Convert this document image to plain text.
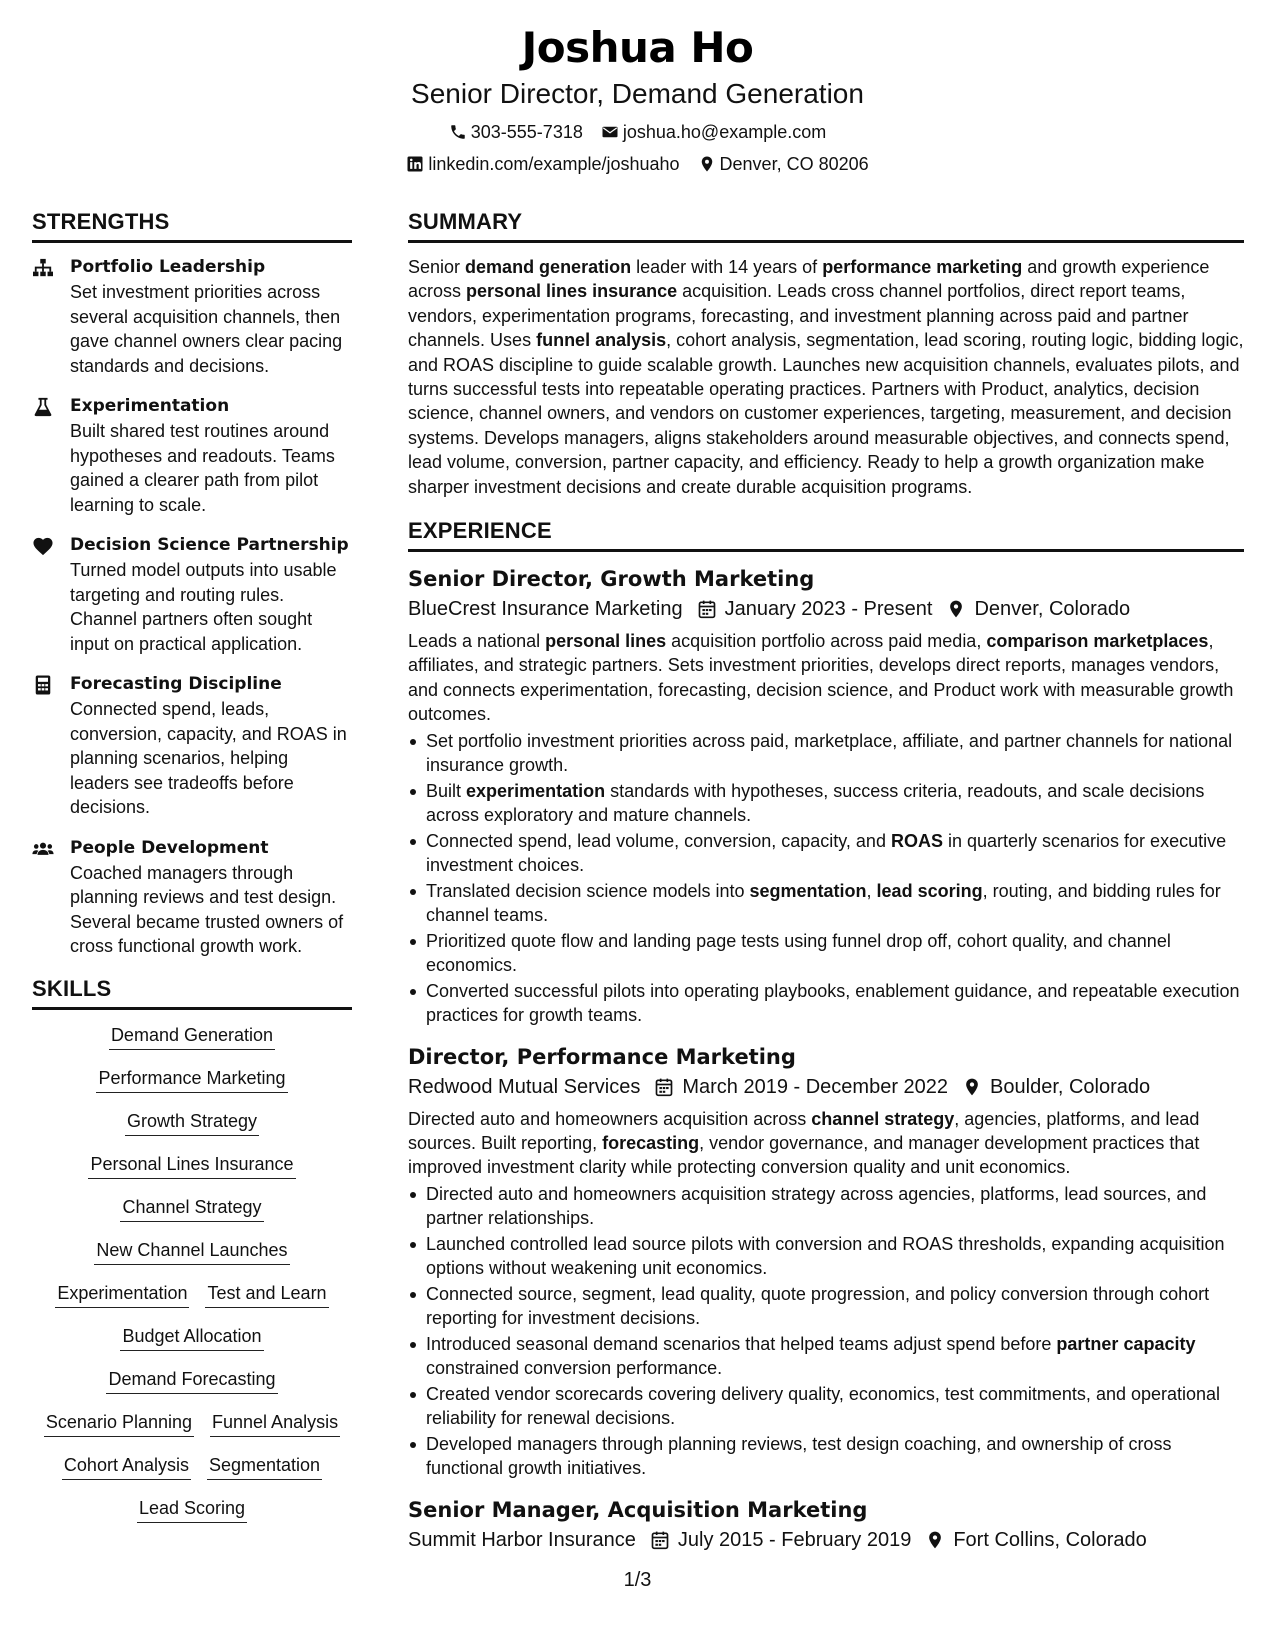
Joshua Ho
Senior Director, Demand Generation
303-555-7318 joshua.ho@example.com
linkedin.com/example/joshuaho Denver, CO 80206
STRENGTHS
Portfolio Leadership
Set investment priorities across several acquisition channels, then gave channel owners clear pacing standards and decisions.
Experimentation
Built shared test routines around hypotheses and readouts. Teams gained a clearer path from pilot learning to scale.
Decision Science Partnership
Turned model outputs into usable targeting and routing rules. Channel partners often sought input on practical application.
Forecasting Discipline
Connected spend, leads, conversion, capacity, and ROAS in planning scenarios, helping leaders see tradeoffs before decisions.
People Development
Coached managers through planning reviews and test design. Several became trusted owners of cross functional growth work.
SKILLS
Demand Generation
Performance Marketing
Growth Strategy
Personal Lines Insurance
Channel Strategy
New Channel Launches
Experimentation Test and Learn
Budget Allocation
Demand Forecasting
Scenario Planning Funnel Analysis
Cohort Analysis Segmentation
Lead Scoring
SUMMARY
Senior demand generation leader with 14 years of performance marketing and growth experience across personal lines insurance acquisition. Leads cross channel portfolios, direct report teams, vendors, experimentation programs, forecasting, and investment planning across paid and partner channels. Uses funnel analysis, cohort analysis, segmentation, lead scoring, routing logic, bidding logic, and ROAS discipline to guide scalable growth. Launches new acquisition channels, evaluates pilots, and turns successful tests into repeatable operating practices. Partners with Product, analytics, decision science, channel owners, and vendors on customer experiences, targeting, measurement, and decision systems. Develops managers, aligns stakeholders around measurable objectives, and connects spend, lead volume, conversion, partner capacity, and efficiency. Ready to help a growth organization make sharper investment decisions and create durable acquisition programs.
EXPERIENCE
Senior Director, Growth Marketing
BlueCrest Insurance Marketing January 2023 - Present Denver, Colorado
Leads a national personal lines acquisition portfolio across paid media, comparison marketplaces, affiliates, and strategic partners. Sets investment priorities, develops direct reports, manages vendors, and connects experimentation, forecasting, decision science, and Product work with measurable growth outcomes.
Set portfolio investment priorities across paid, marketplace, affiliate, and partner channels for national insurance growth.
Built experimentation standards with hypotheses, success criteria, readouts, and scale decisions across exploratory and mature channels.
Connected spend, lead volume, conversion, capacity, and ROAS in quarterly scenarios for executive investment choices.
Translated decision science models into segmentation, lead scoring, routing, and bidding rules for channel teams.
Prioritized quote flow and landing page tests using funnel drop off, cohort quality, and channel economics.
Converted successful pilots into operating playbooks, enablement guidance, and repeatable execution practices for growth teams.
Director, Performance Marketing
Redwood Mutual Services March 2019 - December 2022 Boulder, Colorado
Directed auto and homeowners acquisition across channel strategy, agencies, platforms, and lead sources. Built reporting, forecasting, vendor governance, and manager development practices that improved investment clarity while protecting conversion quality and unit economics.
Directed auto and homeowners acquisition strategy across agencies, platforms, lead sources, and partner relationships.
Launched controlled lead source pilots with conversion and ROAS thresholds, expanding acquisition options without weakening unit economics.
Connected source, segment, lead quality, quote progression, and policy conversion through cohort reporting for investment decisions.
Introduced seasonal demand scenarios that helped teams adjust spend before partner capacity constrained conversion performance.
Created vendor scorecards covering delivery quality, economics, test commitments, and operational reliability for renewal decisions.
Developed managers through planning reviews, test design coaching, and ownership of cross functional growth initiatives.
Senior Manager, Acquisition Marketing
Summit Harbor Insurance July 2015 - February 2019 Fort Collins, Colorado
1/3
